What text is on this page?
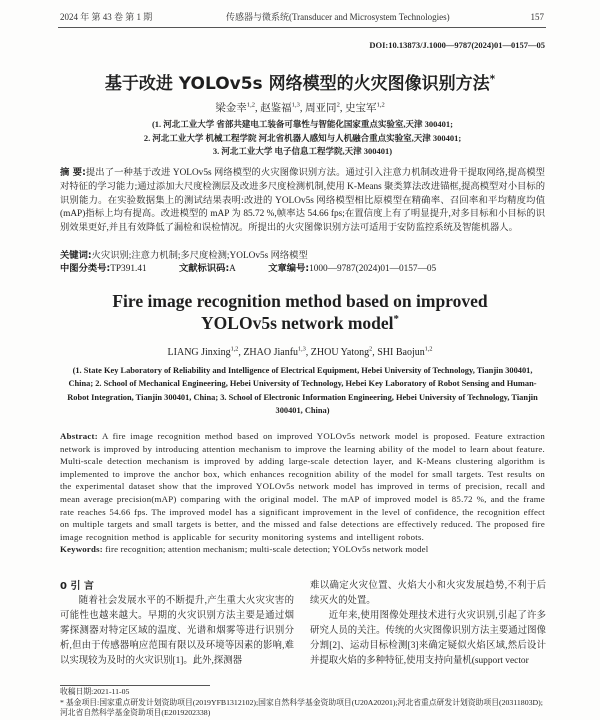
2024 年 第 43 卷 第 1 期	传感器与微系统(Transducer and Microsystem Technologies)	157
DOI:10.13873/J.1000—9787(2024)01—0157—05
基于改进 YOLOv5s 网络模型的火灾图像识别方法*
梁金幸$^{1,2}$, 赵鉴福$^{1,3}$, 周亚同$^2$, 史宝军$^{1,2}$
(1. 河北工业大学 省部共建电工装备可靠性与智能化国家重点实验室,天津 300401;
2. 河北工业大学 机械工程学院 河北省机器人感知与人机融合重点实验室,天津 300401;
3. 河北工业大学 电子信息工程学院,天津 300401)
摘 要:提出了一种基于改进 YOLOv5s 网络模型的火灾图像识别方法。通过引入注意力机制改进骨干提取网络,提高模型对特征的学习能力;通过添加大尺度检测层及改进多尺度检测机制,使用 K-Means 聚类算法改进锚框,提高模型对小目标的识别能力。在实验数据集上的测试结果表明:改进的 YOLOv5s 网络模型相比原模型在精确率、召回率和平均精度均值(mAP)指标上均有提高。改进模型的 mAP 为 85.72 %,帧率达 54.66 fps;在置信度上有了明显提升,对多目标和小目标的识别效果更好,并且有效降低了漏检和误检情况。所提出的火灾图像识别方法可适用于安防监控系统及智能机器人。
关键词:火灾识别;注意力机制;多尺度检测;YOLOv5s 网络模型
中图分类号:TP391.41	文献标识码:A	文章编号:1000—9787(2024)01—0157—05
Fire image recognition method based on improved YOLOv5s network model*
LIANG Jinxing$^{1,2}$, ZHAO Jianfu$^{1,3}$, ZHOU Yatong$^2$, SHI Baojun$^{1,2}$
(1. State Key Laboratory of Reliability and Intelligence of Electrical Equipment, Hebei University of Technology, Tianjin 300401, China; 2. School of Mechanical Engineering, Hebei University of Technology, Hebei Key Laboratory of Robot Sensing and Human-Robot Integration, Tianjin 300401, China; 3. School of Electronic Information Engineering, Hebei University of Technology, Tianjin 300401, China)
Abstract: A fire image recognition method based on improved YOLOv5s network model is proposed. Feature extraction network is improved by introducing attention mechanism to improve the learning ability of the model to learn about feature. Multi-scale detection mechanism is improved by adding large-scale detection layer, and K-Means clustering algorithm is implemented to improve the anchor box, which enhances recognition ability of the model for small targets. Test results on the experimental dataset show that the improved YOLOv5s network model has improved in terms of precision, recall and mean average precision(mAP) comparing with the original model. The mAP of improved model is 85.72 %, and the frame rate reaches 54.66 fps. The improved model has a significant improvement in the level of confidence, the recognition effect on multiple targets and small targets is better, and the missed and false detections are effectively reduced. The proposed fire image recognition method is applicable for security monitoring systems and intelligent robots.
Keywords: fire recognition; attention mechanism; multi-scale detection; YOLOv5s network model
0 引 言

随着社会发展水平的不断提升,产生重大火灾灾害的可能性也越来越大。早期的火灾识别方法主要是通过烟雾探测器对特定区域的温度、光谱和烟雾等进行识别分析,但由于传感器响应范围有限以及环境等因素的影响,难以实现较为及时的火灾识别[1]。此外,探测器

难以确定火灾位置、火焰大小和火灾发展趋势,不利于后续灭火的处置。

近年来,使用图像处理技术进行火灾识别,引起了许多研究人员的关注。传统的火灾图像识别方法主要通过图像分割[2]、运动目标检测[3]来确定疑似火焰区域,然后设计并提取火焰的多种特征,使用支持向量机(support vector

收稿日期:2021-11-05
* 基金项目:国家重点研发计划资助项目(2019YFB1312102);国家自然科学基金资助项目(U20A20201);河北省重点研发计划资助项目(20311803D);河北省自然科学基金资助项目(E2019202338)
